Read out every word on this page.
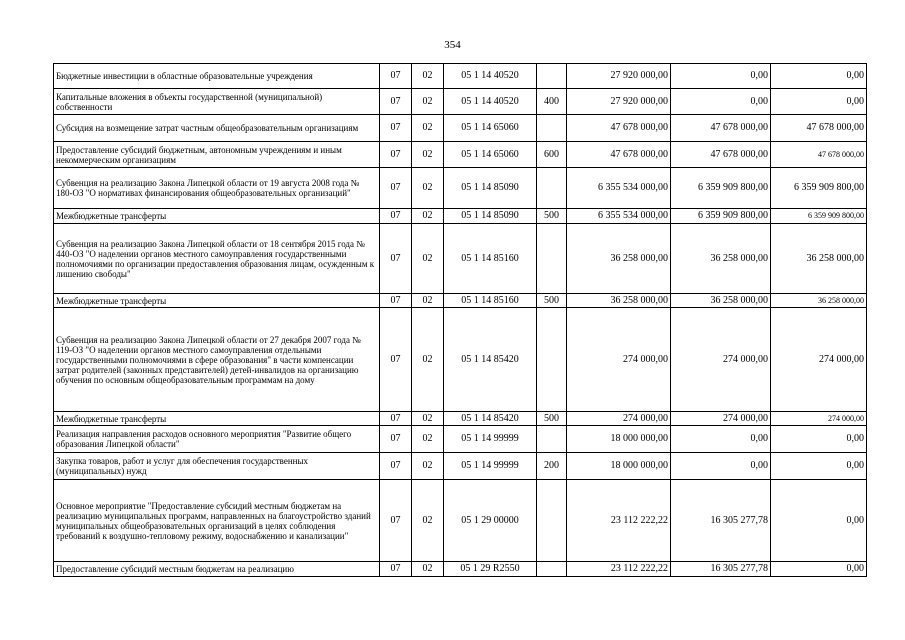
354
Бюджетные инвестиции в областные образовательные учреждения	07	02	05 1 14 40520		27 920 000,00	0,00	0,00
Капитальные вложения в объекты государственной (муниципальной) собственности	07	02	05 1 14 40520	400	27 920 000,00	0,00	0,00
Субсидия на возмещение затрат частным общеобразовательным организациям	07	02	05 1 14 65060		47 678 000,00	47 678 000,00	47 678 000,00
Предоставление субсидий бюджетным, автономным учреждениям и иным некоммерческим организациям	07	02	05 1 14 65060	600	47 678 000,00	47 678 000,00	47 678 000,00
Субвенция на реализацию Закона Липецкой области от 19 августа 2008 года № 180-ОЗ "О нормативах финансирования общеобразовательных организаций"	07	02	05 1 14 85090		6 355 534 000,00	6 359 909 800,00	6 359 909 800,00
Межбюджетные трансферты	07	02	05 1 14 85090	500	6 355 534 000,00	6 359 909 800,00	6 359 909 800,00
Субвенция на реализацию Закона Липецкой области от 18 сентября 2015 года № 440-ОЗ "О наделении органов местного самоуправления государственными полномочиями по организации предоставления образования лицам, осужденным к лишению свободы"	07	02	05 1 14 85160		36 258 000,00	36 258 000,00	36 258 000,00
Межбюджетные трансферты	07	02	05 1 14 85160	500	36 258 000,00	36 258 000,00	36 258 000,00
Субвенция на реализацию Закона Липецкой области от 27 декабря 2007 года № 119-ОЗ "О наделении органов местного самоуправления отдельными государственными полномочиями в сфере образования" в части компенсации затрат родителей (законных представителей) детей-инвалидов на организацию обучения по основным общеобразовательным программам на дому	07	02	05 1 14 85420		274 000,00	274 000,00	274 000,00
Межбюджетные трансферты	07	02	05 1 14 85420	500	274 000,00	274 000,00	274 000,00
Реализация направления расходов основного мероприятия "Развитие общего образования Липецкой области"	07	02	05 1 14 99999		18 000 000,00	0,00	0,00
Закупка товаров, работ и услуг для обеспечения государственных (муниципальных) нужд	07	02	05 1 14 99999	200	18 000 000,00	0,00	0,00
Основное мероприятие "Предоставление субсидий местным бюджетам на реализацию муниципальных программ, направленных на благоустройство зданий муниципальных общеобразовательных организаций в целях соблюдения требований к воздушно-тепловому режиму, водоснабжению и канализации"	07	02	05 1 29 00000		23 112 222,22	16 305 277,78	0,00
Предоставление субсидий местным бюджетам на реализацию	07	02	05 1 29 R2550		23 112 222,22	16 305 277,78	0,00
